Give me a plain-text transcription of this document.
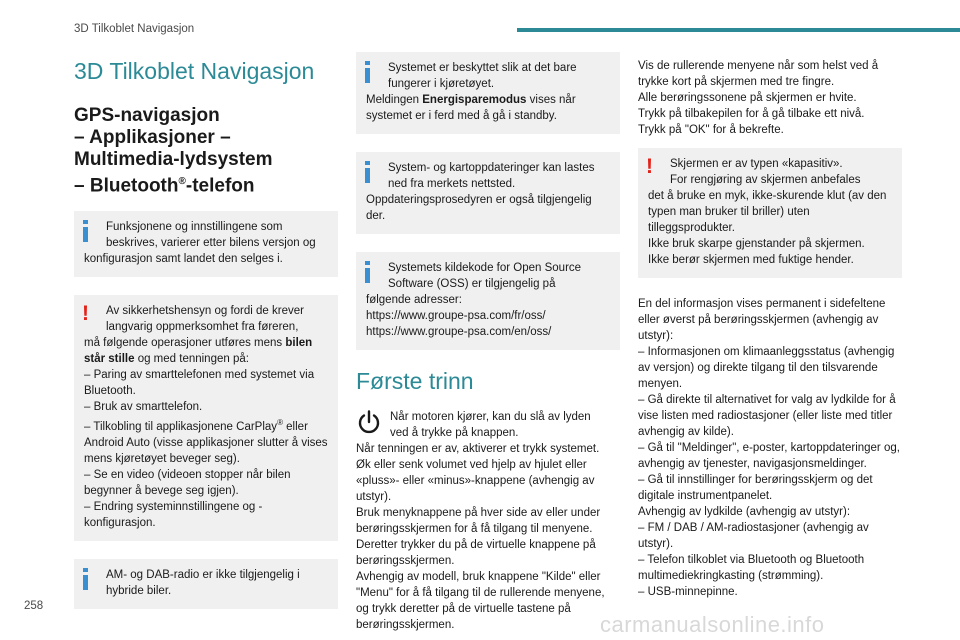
3D Tilkoblet Navigasjon
3D Tilkoblet Navigasjon
GPS-navigasjon
– Applikasjoner –
Multimedia-lydsystem
– Bluetooth®-telefon
Funksjonene og innstillingene som
beskrives, varierer etter bilens versjon og
konfigurasjon samt landet den selges i.
!	Av sikkerhetshensyn og fordi de krever
langvarig oppmerksomhet fra føreren,
må følgende operasjoner utføres mens bilen
står stille og med tenningen på:
– Paring av smarttelefonen med systemet via Bluetooth.
– Bruk av smarttelefon.
– Tilkobling til applikasjonene CarPlay® eller Android Auto (visse applikasjoner slutter å vises mens kjøretøyet beveger seg).
– Se en video (videoen stopper når bilen begynner å bevege seg igjen).
– Endring systeminnstillingene og -konfigurasjon.
AM- og DAB-radio er ikke tilgjengelig i
hybride biler.
Systemet er beskyttet slik at det bare
fungerer i kjøretøyet.
Meldingen Energisparemodus vises når
systemet er i ferd med å gå i standby.
System- og kartoppdateringer kan lastes
ned fra merkets nettsted.
Oppdateringsprosedyren er også tilgjengelig der.
Systemets kildekode for Open Source
Software (OSS) er tilgjengelig på
følgende adresser:
https://www.groupe-psa.com/fr/oss/
https://www.groupe-psa.com/en/oss/
Første trinn
Når motoren kjører, kan du slå av lyden
ved å trykke på knappen.
Når tenningen er av, aktiverer et trykk systemet.
Øk eller senk volumet ved hjelp av hjulet eller «pluss»- eller «minus»-knappene (avhengig av utstyr).
Bruk menyknappene på hver side av eller under berøringsskjermen for å få tilgang til menyene.
Deretter trykker du på de virtuelle knappene på berøringsskjermen.
Avhengig av modell, bruk knappene "Kilde" eller "Menu" for å få tilgang til de rullerende menyene, og trykk deretter på de virtuelle tastene på berøringsskjermen.
Vis de rullerende menyene når som helst ved å trykke kort på skjermen med tre fingre.
Alle berøringssonene på skjermen er hvite.
Trykk på tilbakepilen for å gå tilbake ett nivå.
Trykk på "OK" for å bekrefte.
!	Skjermen er av typen «kapasitiv».
For rengjøring av skjermen anbefales
det å bruke en myk, ikke-skurende klut (av den typen man bruker til briller) uten tilleggsprodukter.
Ikke bruk skarpe gjenstander på skjermen.
Ikke berør skjermen med fuktige hender.
En del informasjon vises permanent i sidefeltene eller øverst på berøringsskjermen (avhengig av utstyr):
– Informasjonen om klimaanleggsstatus (avhengig av versjon) og direkte tilgang til den tilsvarende menyen.
– Gå direkte til alternativet for valg av lydkilde for å vise listen med radiostasjoner (eller liste med titler avhengig av kilde).
– Gå til "Meldinger", e-poster, kartoppdateringer og, avhengig av tjenester, navigasjonsmeldinger.
– Gå til innstillinger for berøringsskjerm og det digitale instrumentpanelet.
Avhengig av lydkilde (avhengig av utstyr):
– FM / DAB / AM-radiostasjoner (avhengig av utstyr).
– Telefon tilkoblet via Bluetooth og Bluetooth multimediekringkasting (strømming).
– USB-minnepinne.
258
carmanualsonline.info
